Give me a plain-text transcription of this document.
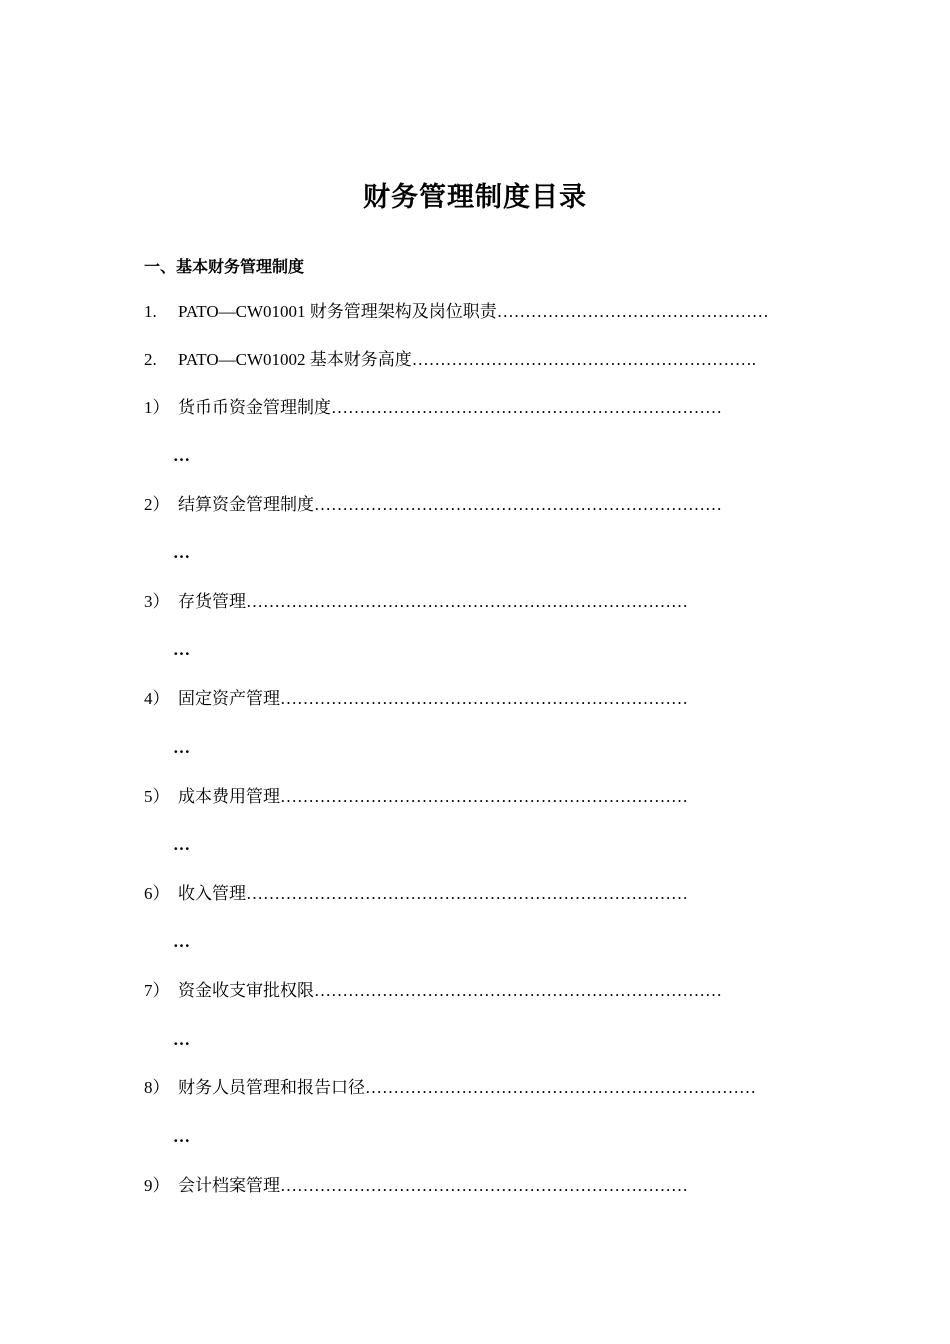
财务管理制度目录
一、基本财务管理制度
1. PATO—CW01001 财务管理架构及岗位职责…………………………………………
2. PATO—CW01002 基本财务高度…………………………………………………….
1） 货币币资金管理制度……………………………………………………………
…
2） 结算资金管理制度………………………………………………………………
…
3） 存货管理……………………………………………………………………
…
4） 固定资产管理………………………………………………………………
…
5） 成本费用管理………………………………………………………………
…
6） 收入管理……………………………………………………………………
…
7） 资金收支审批权限………………………………………………………………
…
8） 财务人员管理和报告口径……………………………………………………………
…
9） 会计档案管理………………………………………………………………
